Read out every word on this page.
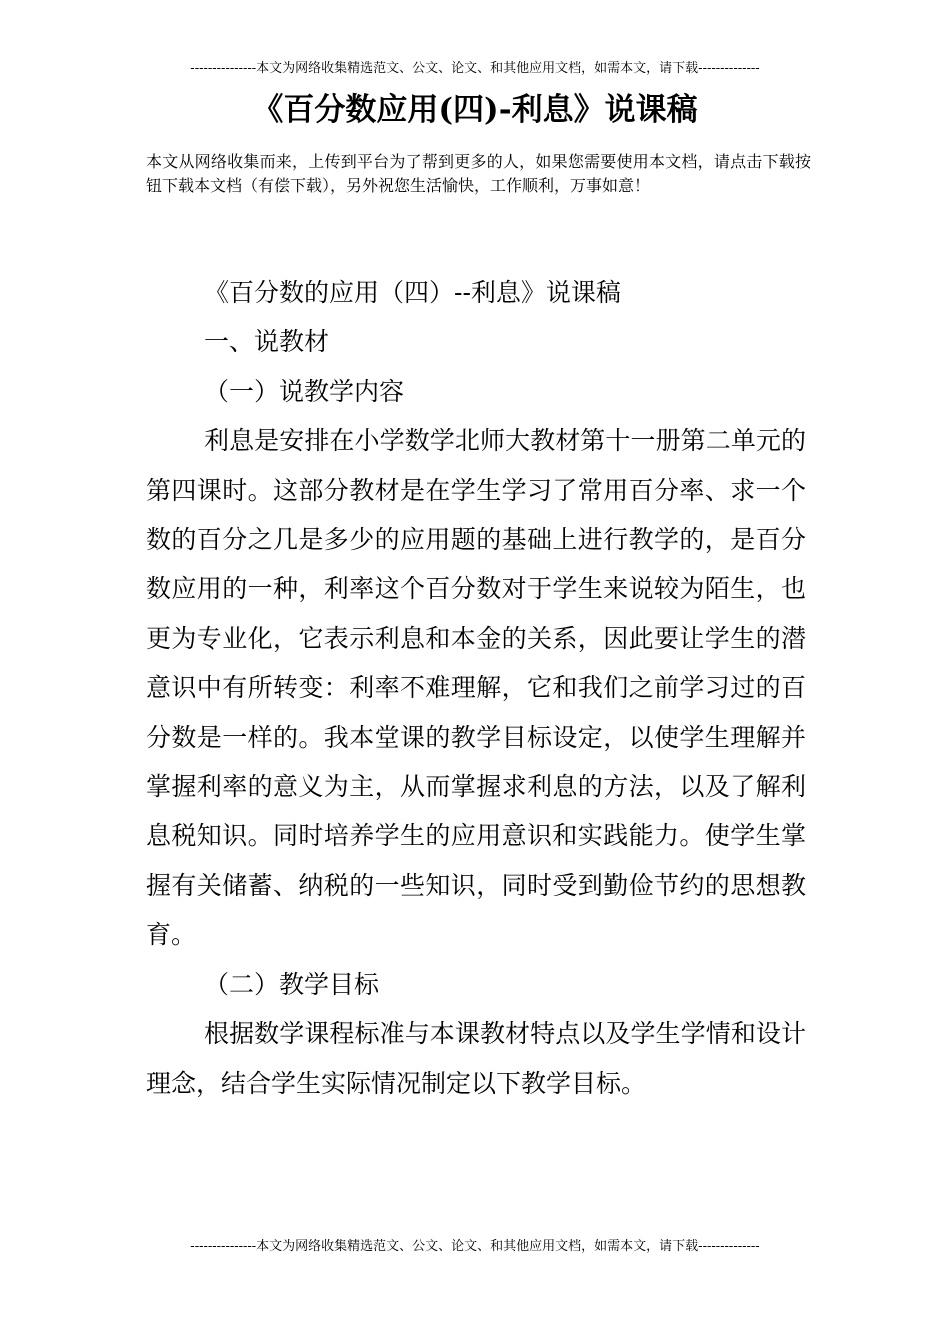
---------------本文为网络收集精选范文、公文、论文、和其他应用文档，如需本文，请下载--------------
《百分数应用(四)-利息》说课稿
本文从网络收集而来，上传到平台为了帮到更多的人，如果您需要使用本文档，请点击下载按钮下载本文档（有偿下载），另外祝您生活愉快，工作顺利，万事如意！

《百分数的应用（四）--利息》说课稿

一、说教材

（一）说教学内容

利息是安排在小学数学北师大教材第十一册第二单元的第四课时。这部分教材是在学生学习了常用百分率、求一个数的百分之几是多少的应用题的基础上进行教学的，是百分数应用的一种，利率这个百分数对于学生来说较为陌生，也更为专业化，它表示利息和本金的关系，因此要让学生的潜意识中有所转变：利率不难理解，它和我们之前学习过的百分数是一样的。我本堂课的教学目标设定，以使学生理解并掌握利率的意义为主，从而掌握求利息的方法，以及了解利息税知识。同时培养学生的应用意识和实践能力。使学生掌握有关储蓄、纳税的一些知识，同时受到勤俭节约的思想教育。

（二）教学目标

根据数学课程标准与本课教材特点以及学生学情和设计理念，结合学生实际情况制定以下教学目标。

---------------本文为网络收集精选范文、公文、论文、和其他应用文档，如需本文，请下载--------------
